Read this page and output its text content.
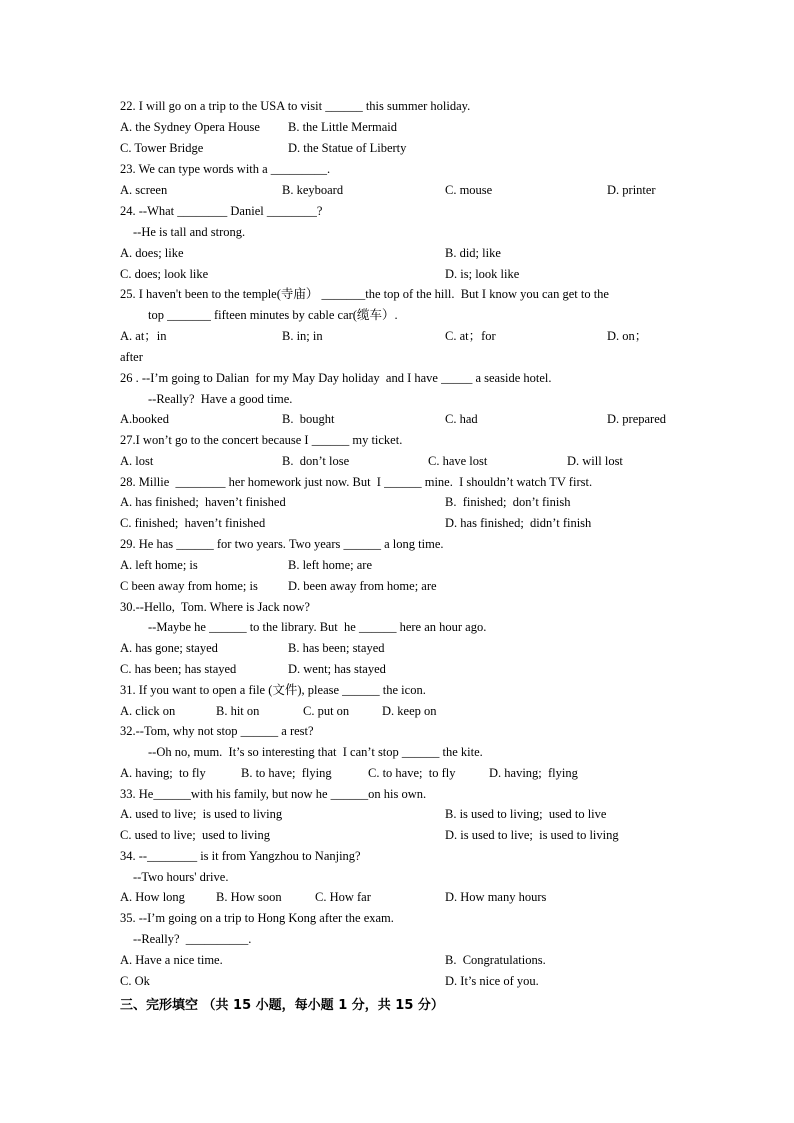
22. I will go on a trip to the USA to visit ______ this summer holiday.
A. the Sydney Opera House B. the Little Mermaid
C. Tower Bridge	D. the Statue of Liberty
23. We can type words with a _________.
A. screen	B. keyboard	C. mouse	D. printer
24. --What ________ Daniel ________?
--He is tall and strong.
A. does; like	B. did; like
C. does; look like	D. is; look like
25. I haven't been to the temple(寺庙） _______the top of the hill.  But I know you can get to the
top _______ fifteen minutes by cable car(缆车）.
A. at；in	B. in; in	C. at；for	D. on；
after
26 . --I’m going to Dalian  for my May Day holiday  and I have _____ a seaside hotel.
--Really?  Have a good time.
A.booked	B.  bought	C. had	D. prepared
27.I won’t go to the concert because I ______ my ticket.
A. lost	B.  don’t lose	C. have lost	D. will lost
28. Millie  ________ her homework just now. But  I ______ mine.  I shouldn’t watch TV first.
A. has finished;  haven’t finished	B.  finished;  don’t finish
C. finished;  haven’t finished	D. has finished;  didn’t finish
29. He has ______ for two years. Two years ______ a long time.
A. left home; is	B. left home; are
C been away from home; is D. been away from home; are
30.--Hello,  Tom. Where is Jack now?
--Maybe he ______ to the library. But  he ______ here an hour ago.
A. has gone; stayed	B. has been; stayed
C. has been; has stayed	D. went; has stayed
31. If you want to open a file (文件), please ______ the icon.
A. click on	B. hit on	C. put on	D. keep on
32.--Tom, why not stop ______ a rest?
--Oh no, mum.  It’s so interesting that  I can’t stop ______ the kite.
A. having;  to fly	B. to have;  flying	C. to have;  to fly	D. having;  flying
33. He______with his family, but now he ______on his own.
A. used to live;  is used to living	B. is used to living;  used to live
C. used to live;  used to living	D. is used to live;  is used to living
34. --________ is it from Yangzhou to Nanjing?
--Two hours' drive.
A. How long B. How soon	C. How far	D. How many hours
35. --I’m going on a trip to Hong Kong after the exam.
--Really?  __________.
A. Have a nice time.	B.  Congratulations.
C. Ok	D. It’s nice of you.

三、完形填空 （共 15 小题，每小题 1 分，共 15 分）
